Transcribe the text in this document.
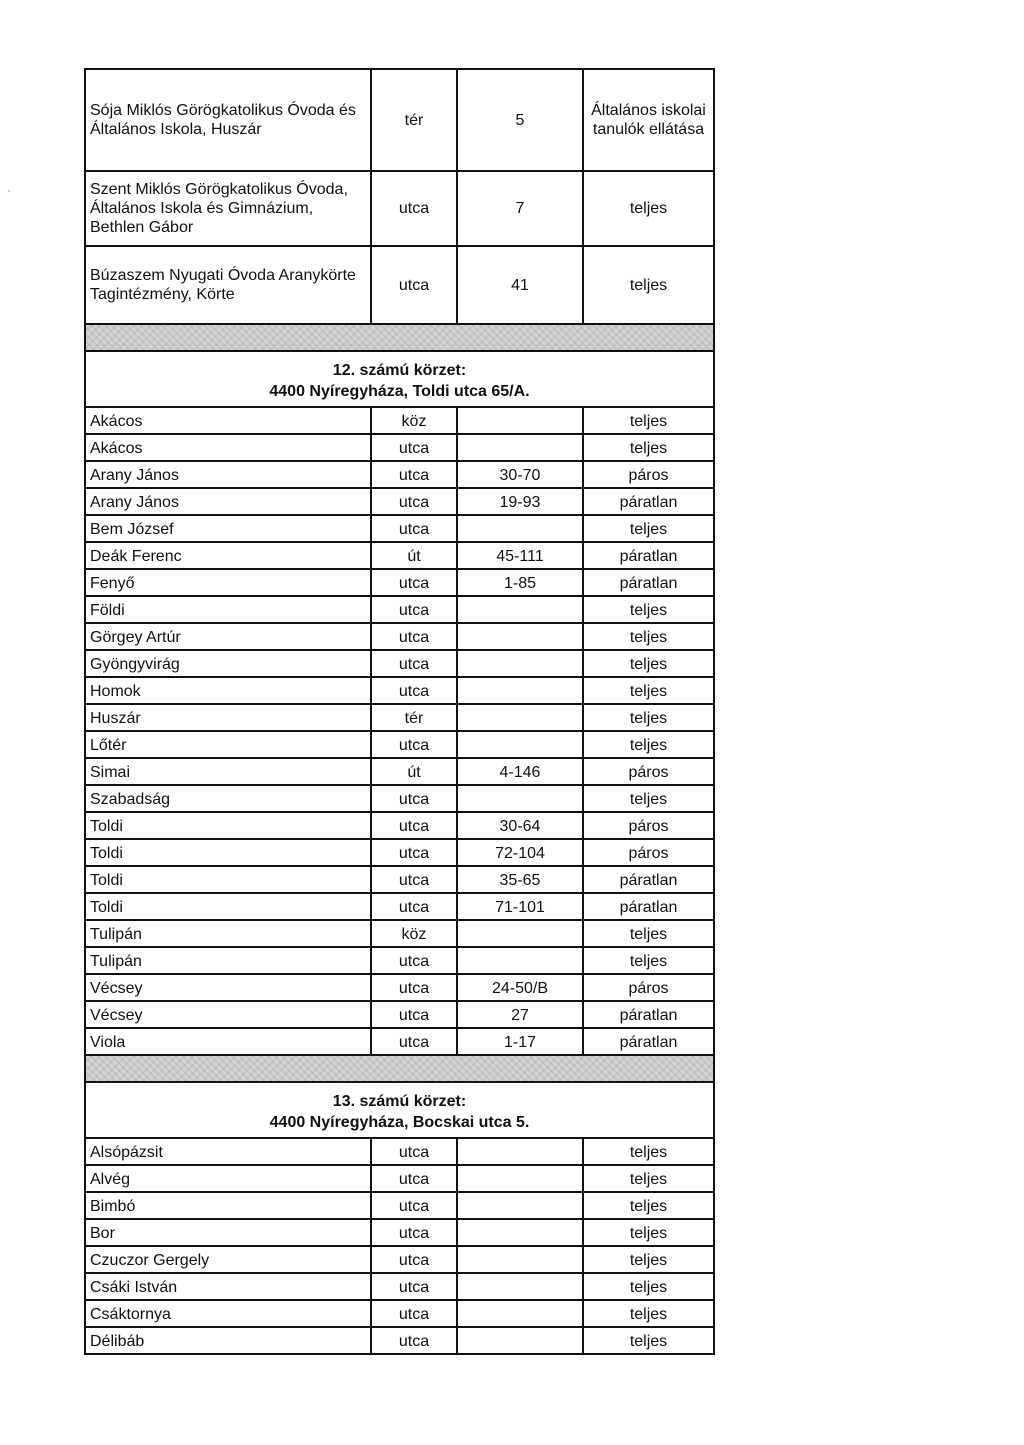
Sója Miklós Görögkatolikus Óvoda és Általános Iskola, Huszár	tér	5	Általános iskolai tanulók ellátása
Szent Miklós Görögkatolikus Óvoda, Általános Iskola és Gimnázium, Bethlen Gábor	utca	7	teljes
Búzaszem Nyugati Óvoda Aranykörte Tagintézmény, Körte	utca	41	teljes

12. számú körzet:
4400 Nyíregyháza, Toldi utca 65/A.			

Akácos	köz		teljes
Akácos	utca		teljes
Arany János	utca	30-70	páros
Arany János	utca	19-93	páratlan
Bem József	utca		teljes
Deák Ferenc	út	45-111	páratlan
Fenyő	utca	1-85	páratlan
Földi	utca		teljes
Görgey Artúr	utca		teljes
Gyöngyvirág	utca		teljes
Homok	utca		teljes
Huszár	tér		teljes
Lőtér	utca		teljes
Simai	út	4-146	páros
Szabadság	utca		teljes
Toldi	utca	30-64	páros
Toldi	utca	72-104	páros
Toldi	utca	35-65	páratlan
Toldi	utca	71-101	páratlan
Tulipán	köz		teljes
Tulipán	utca		teljes
Vécsey	utca	24-50/B	páros
Vécsey	utca	27	páratlan
Viola	utca	1-17	páratlan

13. számú körzet:
4400 Nyíregyháza, Bocskai utca 5.			

Alsópázsit	utca		teljes
Alvég	utca		teljes
Bimbó	utca		teljes
Bor	utca		teljes
Czuczor Gergely	utca		teljes
Csáki István	utca		teljes
Csáktornya	utca		teljes
Délibáb	utca		teljes
